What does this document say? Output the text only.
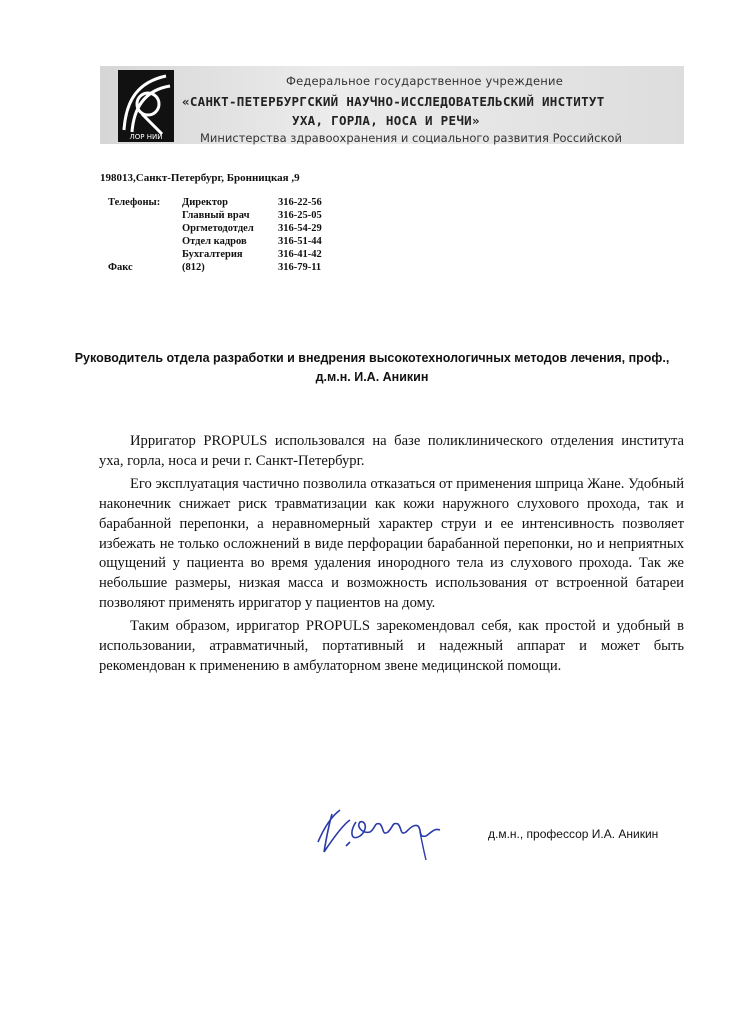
ЛОР НИИ
Федеральное государственное учреждение
«САНКТ-ПЕТЕРБУРГСКИЙ НАУЧНО-ИССЛЕДОВАТЕЛЬСКИЙ ИНСТИТУТ
УХА, ГОРЛА, НОСА И РЕЧИ»
Министерства здравоохранения и социального развития Российской
198013,Санкт-Петербург, Бронницкая ,9
Телефоны:	Директор	316-22-56
	Главный врач	316-25-05
	Оргметодотдел	316-54-29
	Отдел кадров	316-51-44
	Бухгалтерия	316-41-42
Факс	(812)	316-79-11
Руководитель отдела разработки и внедрения высокотехнологичных методов лечения, проф.,
д.м.н. И.А. Аникин

Ирригатор PROPULS использовался на базе поликлинического отделения института уха, горла, носа и речи г. Санкт-Петербург.

Его эксплуатация частично позволила отказаться от применения шприца Жане. Удобный наконечник снижает риск травматизации как кожи наружного слухового прохода, так и барабанной перепонки, а неравномерный характер струи и ее интенсивность позволяет избежать не только осложнений в виде перфорации барабанной перепонки, но и неприятных ощущений у пациента во время удаления инородного тела из слухового прохода. Так же небольшие размеры, низкая масса и возможность использования от встроенной батареи позволяют применять ирригатор у пациентов на дому.

Таким образом, ирригатор PROPULS зарекомендовал себя, как простой и удобный в использовании, атравматичный, портативный и надежный аппарат и может быть рекомендован к применению в амбулаторном звене медицинской помощи.

д.м.н., профессор И.А. Аникин
